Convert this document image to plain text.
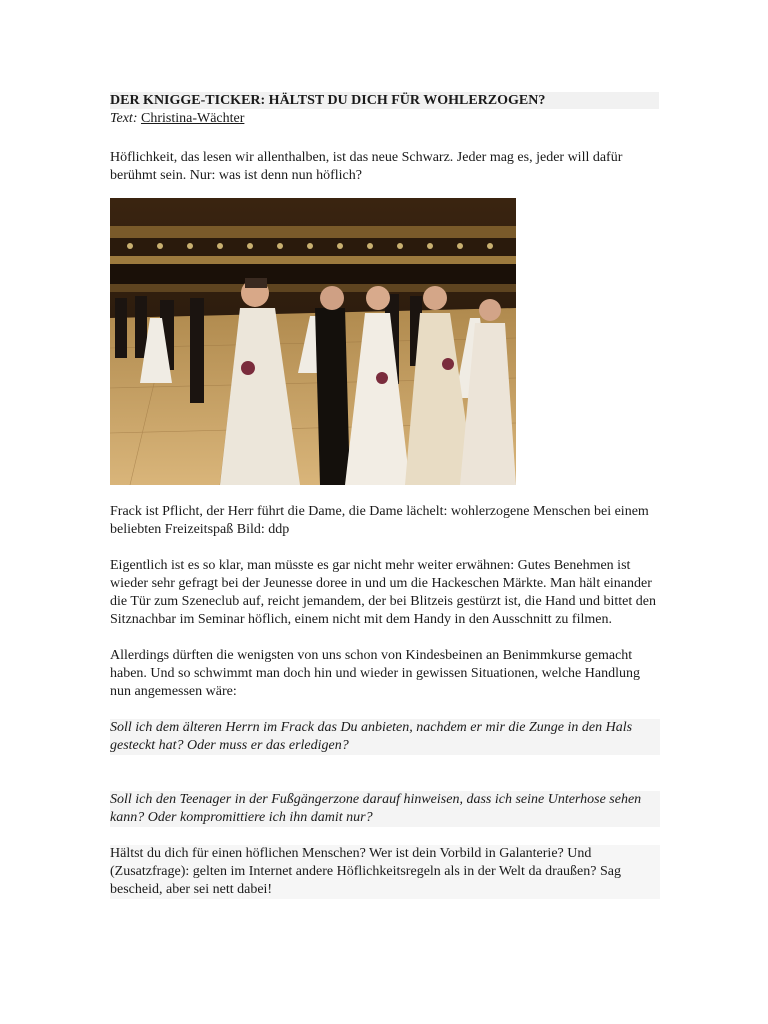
DER KNIGGE-TICKER: HÄLTST DU DICH FÜR WOHLERZOGEN?
Text: Christina-Wächter

Höflichkeit, das lesen wir allenthalben, ist das neue Schwarz. Jeder mag es, jeder will dafür berühmt sein. Nur: was ist denn nun höflich?

Frack ist Pflicht, der Herr führt die Dame, die Dame lächelt: wohlerzogene Menschen bei einem beliebten Freizeitspaß Bild: ddp

Eigentlich ist es so klar, man müsste es gar nicht mehr weiter erwähnen: Gutes Benehmen ist wieder sehr gefragt bei der Jeunesse doree in und um die Hackeschen Märkte. Man hält einander die Tür zum Szeneclub auf, reicht jemandem, der bei Blitzeis gestürzt ist, die Hand und bittet den Sitznachbar im Seminar höflich, einem nicht mit dem Handy in den Ausschnitt zu filmen.

Allerdings dürften die wenigsten von uns schon von Kindesbeinen an Benimmkurse gemacht haben. Und so schwimmt man doch hin und wieder in gewissen Situationen, welche Handlung nun angemessen wäre:

Soll ich dem älteren Herrn im Frack das Du anbieten, nachdem er mir die Zunge in den Hals gesteckt hat? Oder muss er das erledigen?

Soll ich den Teenager in der Fußgängerzone darauf hinweisen, dass ich seine Unterhose sehen kann? Oder kompromittiere ich ihn damit nur?

Hältst du dich für einen höflichen Menschen? Wer ist dein Vorbild in Galanterie? Und (Zusatzfrage): gelten im Internet andere Höflichkeitsregeln als in der Welt da draußen? Sag bescheid, aber sei nett dabei!
